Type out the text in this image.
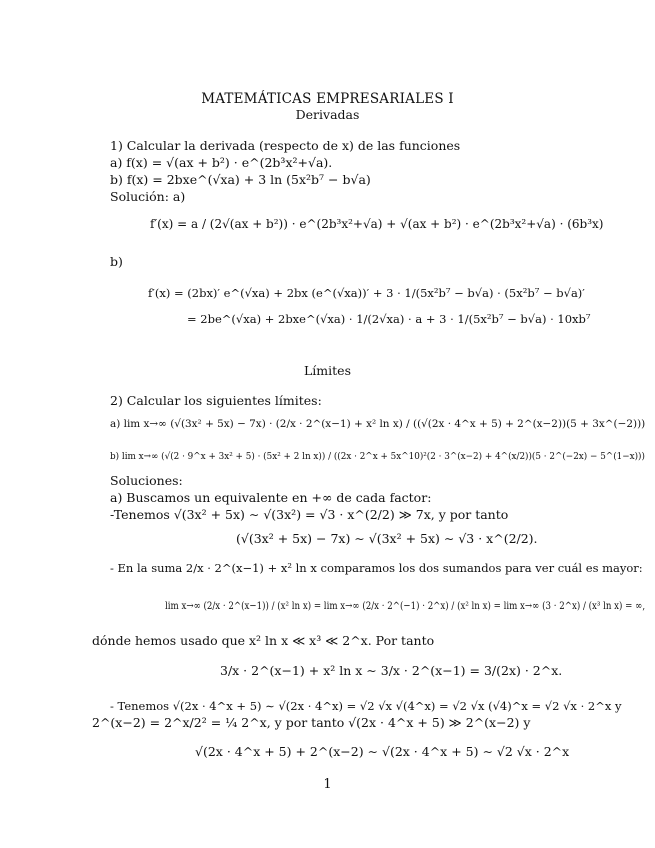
MATEMÁTICAS EMPRESARIALES I
Derivadas
1) Calcular la derivada (respecto de x) de las funciones
a) f(x) = √(ax + b²) · e^(2b³x²+√a).
b) f(x) = 2bxe^(√xa) + 3 ln (5x²b⁷ − b√a)
Solución: a)
f′(x) = a / (2√(ax + b²)) · e^(2b³x²+√a) + √(ax + b²) · e^(2b³x²+√a) · (6b³x)
b)
f′(x) = (2bx)′ e^(√xa) + 2bx (e^(√xa))′ + 3 · 1/(5x²b⁷ − b√a) · (5x²b⁷ − b√a)′
= 2be^(√xa) + 2bxe^(√xa) · 1/(2√xa) · a + 3 · 1/(5x²b⁷ − b√a) · 10xb⁷
Límites
2) Calcular los siguientes límites:
a) lim x→∞ (√(3x² + 5x) − 7x) · (2/x · 2^(x−1) + x² ln x) / ((√(2x · 4^x + 5) + 2^(x−2))(5 + 3x^(−2)))
b) lim x→∞ (√(2 · 9^x + 3x² + 5) · (5x² + 2 ln x)) / ((2x · 2^x + 5x^10)²(2 · 3^(x−2) + 4^(x/2))(5 · 2^(−2x) − 5^(1−x)))
Soluciones:
a) Buscamos un equivalente en +∞ de cada factor:
-Tenemos √(3x² + 5x) ∼ √(3x²) = √3 · x^(2/2) ≫ 7x, y por tanto
(√(3x² + 5x) − 7x) ∼ √(3x² + 5x) ∼ √3 · x^(2/2).
- En la suma 2/x · 2^(x−1) + x² ln x comparamos los dos sumandos para ver cuál es mayor:
lim x→∞ (2/x · 2^(x−1)) / (x² ln x) = lim x→∞ (2/x · 2^(−1) · 2^x) / (x² ln x) = lim x→∞ (3 · 2^x) / (x³ ln x) = ∞,
dónde hemos usado que x² ln x ≪ x³ ≪ 2^x. Por tanto
3/x · 2^(x−1) + x² ln x ∼ 3/x · 2^(x−1) = 3/(2x) · 2^x.
- Tenemos √(2x · 4^x + 5) ∼ √(2x · 4^x) = √2 √x √(4^x) = √2 √x (√4)^x = √2 √x · 2^x y
2^(x−2) = 2^x/2² = ¼ 2^x, y por tanto √(2x · 4^x + 5) ≫ 2^(x−2) y
√(2x · 4^x + 5) + 2^(x−2) ∼ √(2x · 4^x + 5) ∼ √2 √x · 2^x
1
